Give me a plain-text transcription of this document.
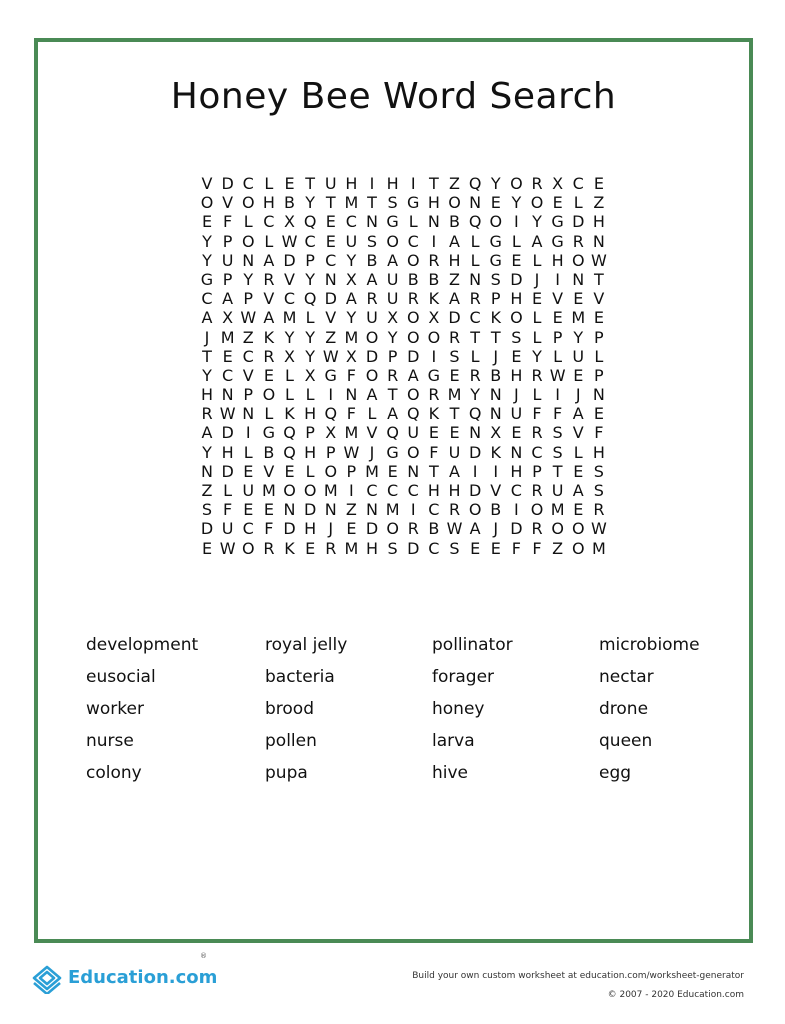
Honey Bee Word Search
V D C L E T U H I H I T Z Q Y O R X C E
O V O H B Y T M T S G H O N E Y O E L Z
E F L C X Q E C N G L N B Q O I Y G D H
Y P O L W C E U S O C I A L G L A G R N
Y U N A D P C Y B A O R H L G E L H O W
G P Y R V Y N X A U B B Z N S D J I N T
C A P V C Q D A R U R K A R P H E V E V
A X W A M L V Y U X O X D C K O L E M E
J M Z K Y Y Z M O Y O O R T T S L P Y P
T E C R X Y W X D P D I S L J E Y L U L
Y C V E L X G F O R A G E R B H R W E P
H N P O L L I N A T O R M Y N J L I J N
R W N L K H Q F L A Q K T Q N U F F A E
A D I G Q P X M V Q U E E N X E R S V F
Y H L B Q H P W J G O F U D K N C S L H
N D E V E L O P M E N T A I I H P T E S
Z L U M O O M I C C C H H D V C R U A S
S F E E N D N Z N M I C R O B I O M E R
D U C F D H J E D O R B W A J D R O O W
E W O R K E R M H S D C S E E F F Z O M
development	royal jelly	pollinator	microbiome
eusocial	bacteria	forager	nectar
worker	brood	honey	drone
nurse	pollen	larva	queen
colony	pupa	hive	egg
Education.com
®
Build your own custom worksheet at education.com/worksheet-generator
© 2007 - 2020 Education.com
